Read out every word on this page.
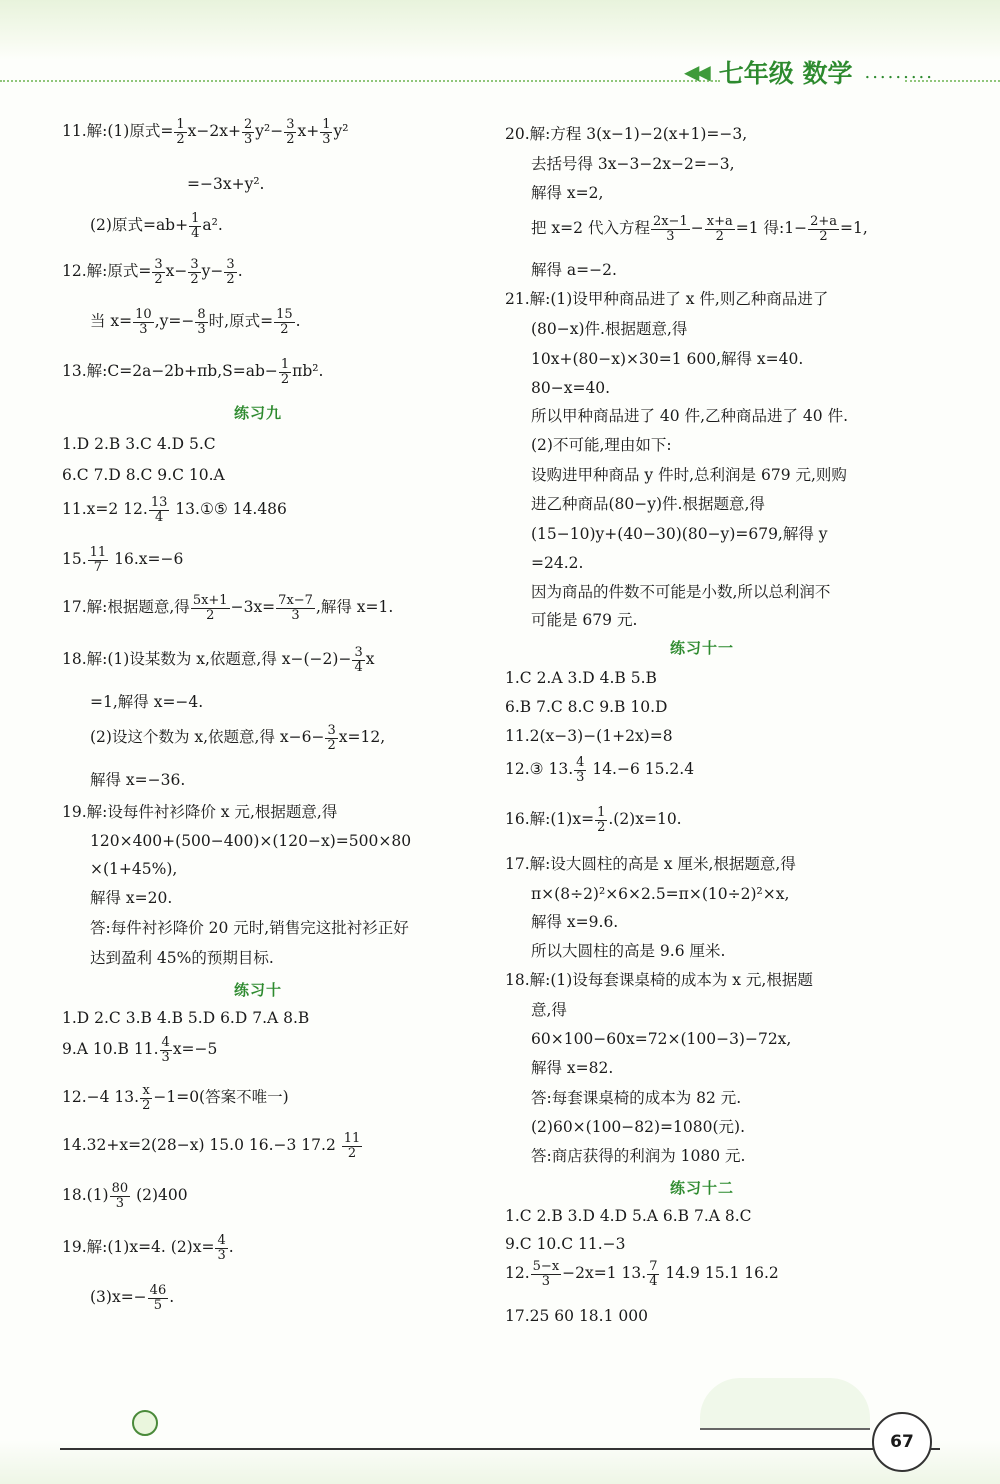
◀◀ 七年级 数学 .........
11.解:(1)原式= $\frac{1}{2} x-2x+ \frac{2}{3} y^2- \frac{3}{2} x+ \frac{1}{3} y^2$
=−3x+y².
(2)原式$=ab+ \frac{1}{4} a^2$.
12.解:原式= $\frac{3}{2} x- \frac{3}{2} y- \frac{3}{2}$ .
当 $x= \frac{10}{3} ,y=- \frac{8}{3}$ 时,原式= $\frac{15}{2}$ .
13.解:C=2a−2b+πb,S=ab− $\frac{1}{2} \pi b^2$.
练习九
1.D 2.B 3.C 4.D 5.C
6.C 7.D 8.C 9.C 10.A
11.x=2 12. $\frac{13}{4}$ 13.①⑤ 14.486
15. $\frac{11}{7} 16.x=-6$
17.解:根据题意,得 $\frac{5x+1}{2} -3x= \frac{7x-7}{3}$ ,解得 x=1.
18.解:(1)设某数为 x,依题意,得 $x-(-2)- \frac{3}{4}$ x
=1,解得 x=−4.
(2)设这个数为 x,依题意,得 $x-6- \frac{3}{2} x=12$,
解得 x=−36.
19.解:设每件衬衫降价 x 元,根据题意,得
120×400+(500−400)×(120−x)=500×80
×(1+45%),
解得 x=20.
答:每件衬衫降价 20 元时,销售完这批衬衫正好
达到盈利 45%的预期目标.
练习十
1.D 2.C 3.B 4.B 5.D 6.D 7.A 8.B
9.A 10.B 11. $\frac{4}{3} x=-5$
12.−4 13. $\frac{x}{2} -1=0$(答案不唯一)
14.32+x=2(28−x) 15.0 16.−3 $17.2 \frac{11}{2}$
$18.(1) \frac{80}{3} (2)400$
19.解:(1)x=4. $(2)x= \frac{4}{3}$ .
$(3)x=- \frac{46}{5}$ .
20.解:方程 3(x−1)−2(x+1)=−3,
去括号得 3x−3−2x−2=−3,
解得 x=2,
把 x=2 代入方程 $\frac{2x-1}{3} - \frac{x+a}{2} =1$ 得:1− $\frac{2+a}{2} =1$,
解得 a=−2.
21.解:(1)设甲种商品进了 x 件,则乙种商品进了
(80−x)件.根据题意,得
10x+(80−x)×30=1 600,解得 x=40.
80−x=40.
所以甲种商品进了 40 件,乙种商品进了 40 件.
(2)不可能,理由如下:
设购进甲种商品 y 件时,总利润是 679 元,则购
进乙种商品(80−y)件.根据题意,得
(15−10)y+(40−30)(80−y)=679,解得 y
=24.2.
因为商品的件数不可能是小数,所以总利润不
可能是 679 元.
练习十一
1.C 2.A 3.D 4.B 5.B
6.B 7.C 8.C 9.B 10.D
11.2(x−3)−(1+2x)=8
12.③ 13. $\frac{4}{3} 14.-6$ 15.2.4
16.解:(1)x= $\frac{1}{2} .(2)x=10$.
17.解:设大圆柱的高是 x 厘米,根据题意,得
π×(8÷2)²×6×2.5=π×(10÷2)²×x,
解得 x=9.6.
所以大圆柱的高是 9.6 厘米.
18.解:(1)设每套课桌椅的成本为 x 元,根据题
意,得
60×100−60x=72×(100−3)−72x,
解得 x=82.
答:每套课桌椅的成本为 82 元.
(2)60×(100−82)=1080(元).
答:商店获得的利润为 1080 元.
练习十二
1.C 2.B 3.D 4.D 5.A 6.B 7.A 8.C
9.C 10.C 11.−3
12. $\frac{5-x}{3} -2x=1$ 13. $\frac{7}{4} 14.9$ 15.1 16.2
17.25 60 18.1 000
67
